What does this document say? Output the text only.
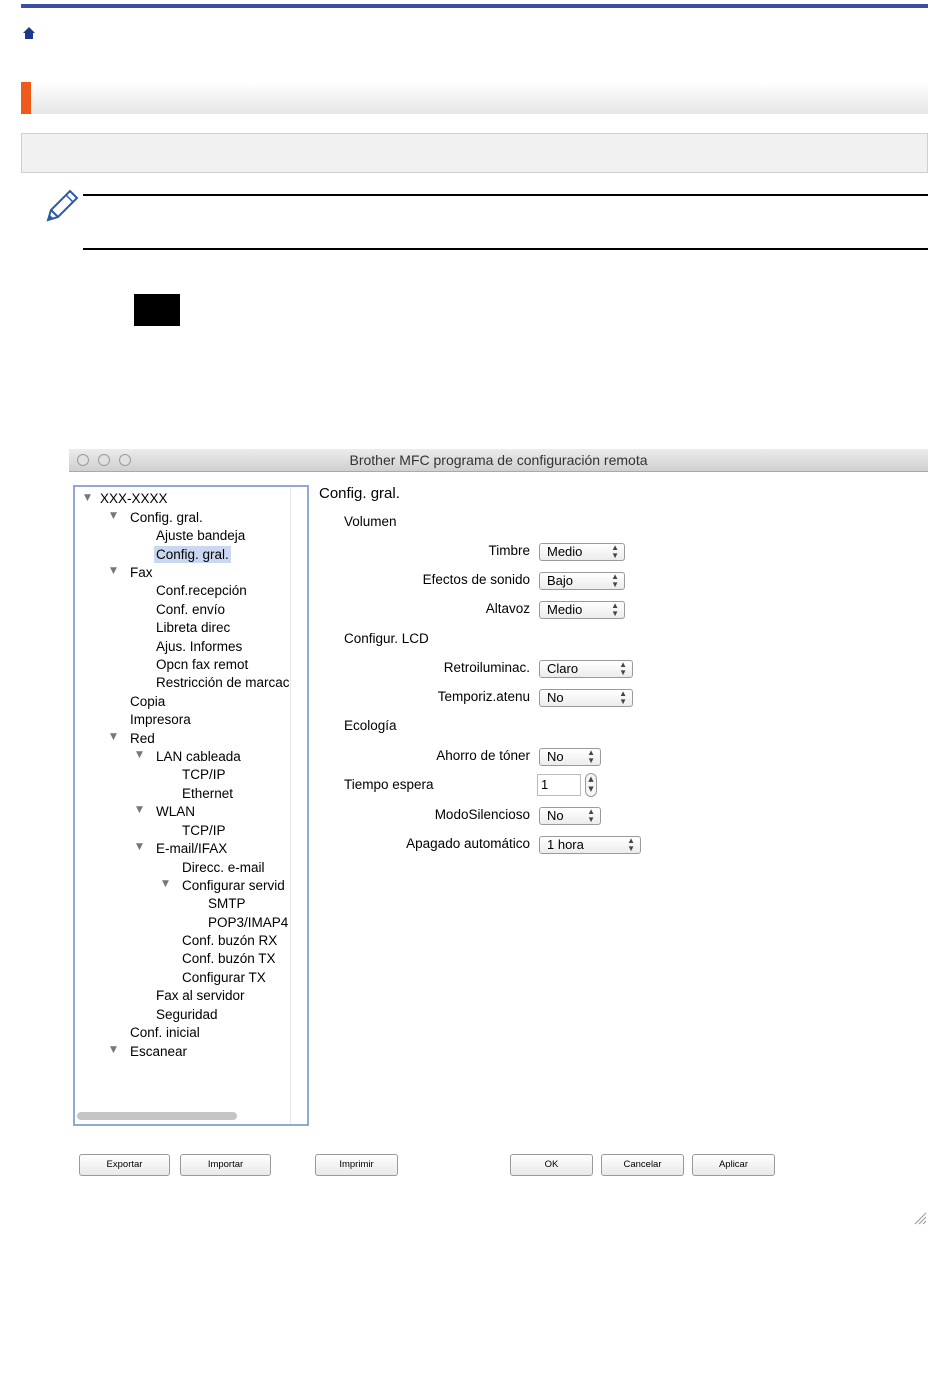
Brother MFC programa de configuración remota
▼ XXX-XXXX
▼ Config. gral.
Ajuste bandeja
Config. gral.
▼ Fax
Conf.recepción
Conf. envío
Libreta direc
Ajus. Informes
Opcn fax remot
Restricción de marcac
Copia
Impresora
▼ Red
▼ LAN cableada
TCP/IP
Ethernet
▼ WLAN
TCP/IP
▼ E-mail/IFAX
Direcc. e-mail
▼ Configurar servid
SMTP
POP3/IMAP4
Conf. buzón RX
Conf. buzón TX
Configurar TX
Fax al servidor
Seguridad
Conf. inicial
▼ Escanear
Config. gral.
Volumen
Timbre	Medio	▲
▼
Efectos de sonido	Bajo	▲
▼
Altavoz	Medio	▲
▼
Configur. LCD
Retroiluminac.	Claro	▲
▼
Temporiz.atenu	No	▲
▼
Ecología
Ahorro de tóner	No	▲
▼
Tiempo espera	1	▲
▼
ModoSilencioso	No	▲
▼
Apagado automático	1 hora	▲
▼
Exportar	Importar	Imprimir	OK	Cancelar	Aplicar
